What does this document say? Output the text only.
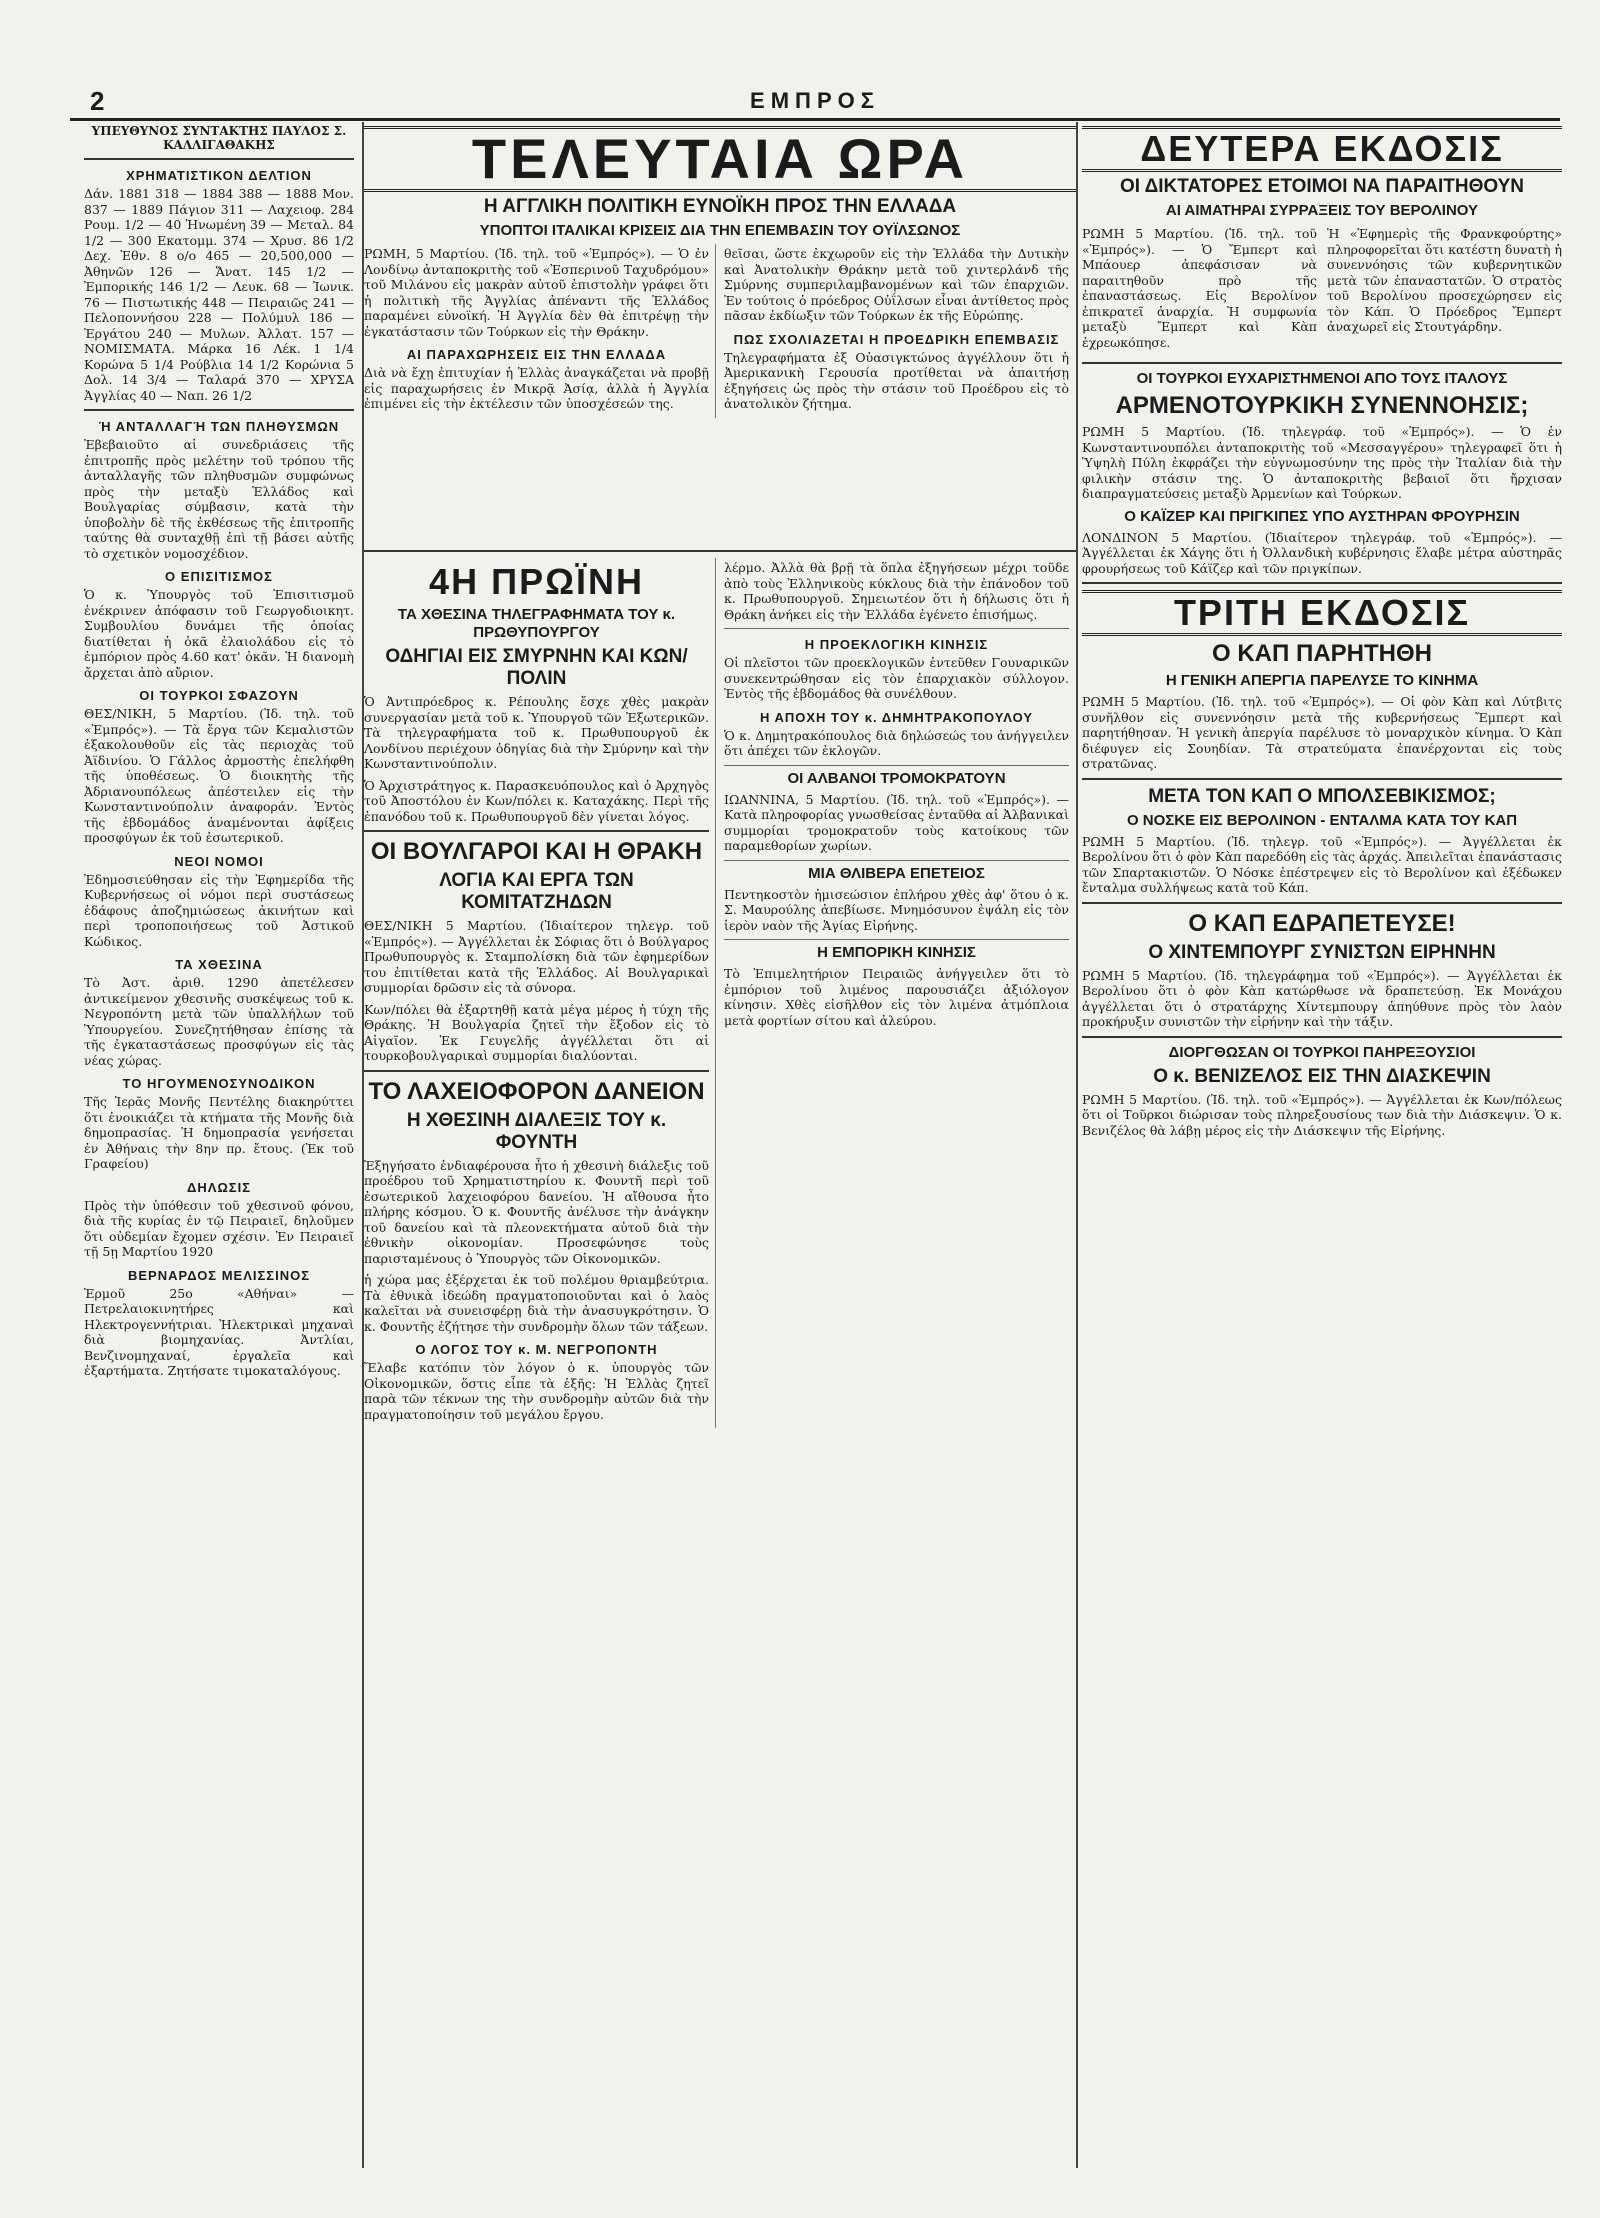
2	ΕΜΠΡΟΣ
ΥΠΕΥΘΥΝΟΣ ΣΥΝΤΑΚΤΗΣ ΠΑΥΛΟΣ Σ. ΚΑΛΛΙΓΑΘΑΚΗΣ
ΧΡΗΜΑΤΙΣΤΙΚΟΝ ΔΕΛΤΙΟΝ

Δάν. 1881 318 — 1884 388 — 1888 Μον. 837 — 1889 Πάγιον 311 — Λαχειοφ. 284 Ρουμ. 1/2 — 40 Ἠνωμένη 39 — Μεταλ. 84 1/2 — 300 Εκατομμ. 374 — Χρυσ. 86 1/2 Δεχ. Ἐθν. 8 ο/ο 465 — 20,500,000 — Ἀθηνῶν 126 — Ἄνατ. 145 1/2 — Ἐμπορικής 146 1/2 — Λευκ. 68 — Ἰωνικ. 76 — Πιστωτικής 448 — Πειραιῶς 241 — Πελοποννήσου 228 — Πολύμυλ 186 — Ἐργάτου 240 — Μυλων. Ἀλλατ. 157 — ΝΟΜΙΣΜΑΤΑ. Μάρκα 16 Λέκ. 1 1/4 Κορώνα 5 1/4 Ρούβλια 14 1/2 Κορώνια 5 Δολ. 14 3/4 — Ταλαρά 370 — ΧΡΥΣΑ Ἀγγλίας 40 — Ναπ. 26 1/2

Ή ΑΝΤΑΛΛΑΓΉ ΤΩΝ ΠΛΗΘΥΣΜΩΝ

Ἐβεβαιοῦτο αἱ συνεδριάσεις τῆς ἐπιτροπῆς πρὸς μελέτην τοῦ τρόπου τῆς ἀνταλλαγῆς τῶν πληθυσμῶν συμφώνως πρὸς τὴν μεταξὺ Ἑλλάδος καὶ Βουλγαρίας σύμβασιν, κατὰ τὴν ὑποβολὴν δὲ τῆς ἐκθέσεως τῆς ἐπιτροπῆς ταύτης θὰ συνταχθῇ ἐπὶ τῇ βάσει αὐτῆς τὸ σχετικὸν νομοσχέδιον.

Ο ΕΠΙΣΙΤΙΣΜΟΣ

Ὁ κ. Ὑπουργὸς τοῦ Ἐπισιτισμοῦ ἐνέκρινεν ἀπόφασιν τοῦ Γεωργοδιοικητ. Συμβουλίου δυνάμει τῆς ὁποίας διατίθεται ἡ ὀκᾶ ἐλαιολάδου εἰς τὸ ἐμπόριον πρὸς 4.60 κατ' ὀκᾶν. Ἡ διανομὴ ἄρχεται ἀπὸ αὔριον.

ΟΙ ΤΟΥΡΚΟΙ ΣΦΑΖΟΥΝ

ΘΕΣ/ΝΙΚΗ, 5 Μαρτίου. (Ἰδ. τηλ. τοῦ «Ἐμπρός»). — Τὰ ἔργα τῶν Κεμαλιστῶν ἐξακολουθοῦν εἰς τὰς περιοχὰς τοῦ Ἀϊδινίου. Ὁ Γάλλος ἀρμοστὴς ἐπελήφθη τῆς ὑποθέσεως. Ὁ διοικητὴς τῆς Ἀδριανουπόλεως ἀπέστειλεν εἰς τὴν Κωνσταντινούπολιν ἀναφοράν. Ἐντὸς τῆς ἑβδομάδος ἀναμένονται ἀφίξεις προσφύγων ἐκ τοῦ ἐσωτερικοῦ.

ΝΕΟΙ ΝΟΜΟΙ

Ἐδημοσιεύθησαν εἰς τὴν Ἐφημερίδα τῆς Κυβερνήσεως οἱ νόμοι περὶ συστάσεως ἐδάφους ἀποζημιώσεως ἀκινήτων καὶ περὶ τροποποιήσεως τοῦ Ἀστικοῦ Κώδικος.

ΤΑ ΧΘΕΣΙΝΑ

Τὸ Ἀστ. ἀριθ. 1290 ἀπετέλεσεν ἀντικείμενον χθεσινῆς συσκέψεως τοῦ κ. Νεγροπόντη μετὰ τῶν ὑπαλλήλων τοῦ Ὑπουργείου. Συνεζητήθησαν ἐπίσης τὰ τῆς ἐγκαταστάσεως προσφύγων εἰς τὰς νέας χώρας.

ΤΟ ΗΓΟΥΜΕΝΟΣΥΝΟΔΙΚΟΝ

Τῆς Ἱερᾶς Μονῆς Πεντέλης διακηρύττει ὅτι ἐνοικιάζει τὰ κτήματα τῆς Μονῆς διὰ δημοπρασίας. Ἡ δημοπρασία γενήσεται ἐν Ἀθήναις τὴν 8ην πρ. ἔτους. (Ἐκ τοῦ Γραφείου)

ΔΗΛΩΣΙΣ

Πρὸς τὴν ὑπόθεσιν τοῦ χθεσινοῦ φόνου, διὰ τῆς κυρίας ἐν τῷ Πειραιεῖ, δηλοῦμεν ὅτι οὐδεμίαν ἔχομεν σχέσιν. Ἐν Πειραιεῖ τῇ 5ῃ Μαρτίου 1920

ΒΕΡΝΑΡΔΟΣ ΜΕΛΙΣΣΙΝΟΣ

Ἑρμοῦ 25ο «Αθήναι» — Πετρελαιοκινητήρες καὶ Ηλεκτρογεννήτριαι. Ἠλεκτρικαὶ μηχαναὶ διὰ βιομηχανίας. Ἀντλίαι, Βενζινομηχαναί, ἐργαλεῖα καὶ ἐξαρτήματα. Ζητήσατε τιμοκαταλόγους.

ΤΕΛΕΥΤΑΙΑ ΩΡΑ
Η ΑΓΓΛΙΚΗ ΠΟΛΙΤΙΚΗ ΕΥΝΟΪΚΗ ΠΡΟΣ ΤΗΝ ΕΛΛΑΔΑ
ΥΠΟΠΤΟΙ ΙΤΑΛΙΚΑΙ ΚΡΙΣΕΙΣ ΔΙΑ ΤΗΝ ΕΠΕΜΒΑΣΙΝ ΤΟΥ ΟΥΪΛΣΩΝΟΣ

ΡΩΜΗ, 5 Μαρτίου. (Ἰδ. τηλ. τοῦ «Ἐμπρός»). — Ὁ ἐν Λονδίνῳ ἀνταποκριτὴς τοῦ «Ἐσπερινοῦ Ταχυδρόμου» τοῦ Μιλάνου εἰς μακρὰν αὐτοῦ ἐπιστολὴν γράφει ὅτι ἡ πολιτικὴ τῆς Ἀγγλίας ἀπέναντι τῆς Ἑλλάδος παραμένει εὐνοϊκή. Ἡ Ἀγγλία δὲν θὰ ἐπιτρέψῃ τὴν ἐγκατάστασιν τῶν Τούρκων εἰς τὴν Θράκην.

ΑΙ ΠΑΡΑΧΩΡΗΣΕΙΣ ΕΙΣ ΤΗΝ ΕΛΛΑΔΑ

Διὰ νὰ ἔχῃ ἐπιτυχίαν ἡ Ἑλλὰς ἀναγκάζεται νὰ προβῇ εἰς παραχωρήσεις ἐν Μικρᾷ Ἀσίᾳ, ἀλλὰ ἡ Ἀγγλία ἐπιμένει εἰς τὴν ἐκτέλεσιν τῶν ὑποσχέσεών της.

θεῖσαι, ὥστε ἐκχωροῦν εἰς τὴν Ἑλλάδα τὴν Δυτικὴν καὶ Ἀνατολικὴν Θράκην μετὰ τοῦ χιντερλάνδ τῆς Σμύρνης συμπεριλαμβανομένων καὶ τῶν ἐπαρχιῶν. Ἐν τούτοις ὁ πρόεδρος Οὐΐλσων εἶναι ἀντίθετος πρὸς πᾶσαν ἐκδίωξιν τῶν Τούρκων ἐκ τῆς Εὐρώπης.

ΠΩΣ ΣΧΟΛΙΑΖΕΤΑΙ Η ΠΡΟΕΔΡΙΚΗ ΕΠΕΜΒΑΣΙΣ

Τηλεγραφήματα ἐξ Οὐασιγκτώνος ἀγγέλλουν ὅτι ἡ Ἀμερικανικὴ Γερουσία προτίθεται νὰ ἀπαιτήσῃ ἐξηγήσεις ὡς πρὸς τὴν στάσιν τοῦ Προέδρου εἰς τὸ ἀνατολικὸν ζήτημα.

4Η ΠΡΩΪΝΗ
ΤΑ ΧΘΕΣΙΝΑ ΤΗΛΕΓΡΑΦΗΜΑΤΑ ΤΟΥ κ. ΠΡΩΘΥΠΟΥΡΓΟΥ
ΟΔΗΓΙΑΙ ΕΙΣ ΣΜΥΡΝΗΝ ΚΑΙ ΚΩΝ/ΠΟΛΙΝ

Ὁ Ἀντιπρόεδρος κ. Ρέπουλης ἔσχε χθὲς μακρὰν συνεργασίαν μετὰ τοῦ κ. Ὑπουργοῦ τῶν Ἐξωτερικῶν. Τὰ τηλεγραφήματα τοῦ κ. Πρωθυπουργοῦ ἐκ Λονδίνου περιέχουν ὁδηγίας διὰ τὴν Σμύρνην καὶ τὴν Κωνσταντινούπολιν.

Ὁ Ἀρχιστράτηγος κ. Παρασκευόπουλος καὶ ὁ Ἀρχηγὸς τοῦ Ἀποστόλου ἐν Κων/πόλει κ. Καταχάκης. Περὶ τῆς ἐπανόδου τοῦ κ. Πρωθυπουργοῦ δὲν γίνεται λόγος.

ΟΙ ΒΟΥΛΓΑΡΟΙ ΚΑΙ Η ΘΡΑΚΗ
ΛΟΓΙΑ ΚΑΙ ΕΡΓΑ ΤΩΝ ΚΟΜΙΤΑΤΖΗΔΩΝ

ΘΕΣ/ΝΙΚΗ 5 Μαρτίου. (Ἰδιαίτερον τηλεγρ. τοῦ «Ἐμπρός»). — Ἀγγέλλεται ἐκ Σόφιας ὅτι ὁ Βούλγαρος Πρωθυπουργὸς κ. Σταμπολίσκη διὰ τῶν ἐφημερίδων του ἐπιτίθεται κατὰ τῆς Ἑλλάδος. Αἱ Βουλγαρικαὶ συμμορίαι δρῶσιν εἰς τὰ σύνορα.

Κων/πόλει θὰ ἐξαρτηθῇ κατὰ μέγα μέρος ἡ τύχη τῆς Θράκης. Ἡ Βουλγαρία ζητεῖ τὴν ἔξοδον εἰς τὸ Αἰγαῖον. Ἐκ Γευγελῆς ἀγγέλλεται ὅτι αἱ τουρκοβουλγαρικαὶ συμμορίαι διαλύονται.

ΤΟ ΛΑΧΕΙΟΦΟΡΟΝ ΔΑΝΕΙΟΝ
Η ΧΘΕΣΙΝΗ ΔΙΑΛΕΞΙΣ ΤΟΥ κ. ΦΟΥΝΤΗ

Ἐξηγήσατο ἐνδιαφέρουσα ἦτο ἡ χθεσινὴ διάλεξις τοῦ προέδρου τοῦ Χρηματιστηρίου κ. Φουντῆ περὶ τοῦ ἐσωτερικοῦ λαχειοφόρου δανείου. Ἡ αἴθουσα ἦτο πλήρης κόσμου. Ὁ κ. Φουντῆς ἀνέλυσε τὴν ἀνάγκην τοῦ δανείου καὶ τὰ πλεονεκτήματα αὐτοῦ διὰ τὴν ἐθνικὴν οἰκονομίαν. Προσεφώνησε τοὺς παρισταμένους ὁ Ὑπουργὸς τῶν Οἰκονομικῶν.

ἡ χώρα μας ἐξέρχεται ἐκ τοῦ πολέμου θριαμβεύτρια. Τὰ ἐθνικὰ ἰδεώδη πραγματοποιοῦνται καὶ ὁ λαὸς καλεῖται νὰ συνεισφέρῃ διὰ τὴν ἀνασυγκρότησιν. Ὁ κ. Φουντῆς ἐζήτησε τὴν συνδρομὴν ὅλων τῶν τάξεων.

Ο ΛΟΓΟΣ ΤΟΥ κ. Μ. ΝΕΓΡΟΠΟΝΤΗ

Ἔλαβε κατόπιν τὸν λόγον ὁ κ. ὑπουργὸς τῶν Οἰκονομικῶν, ὅστις εἶπε τὰ ἑξῆς: Ἡ Ἑλλὰς ζητεῖ παρὰ τῶν τέκνων της τὴν συνδρομὴν αὐτῶν διὰ τὴν πραγματοποίησιν τοῦ μεγάλου ἔργου.

λέρμο. Ἀλλὰ θὰ βρῇ τὰ ὅπλα ἐξηγήσεων μέχρι τοῦδε ἀπὸ τοὺς Ἑλληνικοὺς κύκλους διὰ τὴν ἐπάνοδον τοῦ κ. Πρωθυπουργοῦ. Σημειωτέον ὅτι ἡ δήλωσις ὅτι ἡ Θράκη ἀνήκει εἰς τὴν Ἑλλάδα ἐγένετο ἐπισήμως.

Η ΠΡΟΕΚΛΟΓΙΚΗ ΚΙΝΗΣΙΣ

Οἱ πλεῖστοι τῶν προεκλογικῶν ἐντεῦθεν Γουναρικῶν συνεκεντρώθησαν εἰς τὸν ἐπαρχιακὸν σύλλογον. Ἐντὸς τῆς ἑβδομάδος θὰ συνέλθουν.

Η ΑΠΟΧΗ ΤΟΥ κ. ΔΗΜΗΤΡΑΚΟΠΟΥΛΟΥ

Ὁ κ. Δημητρακόπουλος διὰ δηλώσεώς του ἀνήγγειλεν ὅτι ἀπέχει τῶν ἐκλογῶν.

ΟΙ ΑΛΒΑΝΟΙ ΤΡΟΜΟΚΡΑΤΟΥΝ

ΙΩΑΝΝΙΝΑ, 5 Μαρτίου. (Ἰδ. τηλ. τοῦ «Ἐμπρός»). — Κατὰ πληροφορίας γνωσθείσας ἐνταῦθα αἱ Ἀλβανικαὶ συμμορίαι τρομοκρατοῦν τοὺς κατοίκους τῶν παραμεθορίων χωρίων.

ΜΙΑ ΘΛΙΒΕΡΑ ΕΠΕΤΕΙΟΣ

Πεντηκοστὸν ἡμισεώσιον ἐπλήρου χθὲς ἀφ' ὅτου ὁ κ. Σ. Μαυρούλης ἀπεβίωσε. Μνημόσυνον ἐψάλη εἰς τὸν ἱερὸν ναὸν τῆς Ἁγίας Εἰρήνης.

Η ΕΜΠΟΡΙΚΗ ΚΙΝΗΣΙΣ

Τὸ Ἐπιμελητήριον Πειραιῶς ἀνήγγειλεν ὅτι τὸ ἐμπόριον τοῦ λιμένος παρουσιάζει ἀξιόλογον κίνησιν. Χθὲς εἰσῆλθον εἰς τὸν λιμένα ἀτμόπλοια μετὰ φορτίων σίτου καὶ ἀλεύρου.

ΔΕΥΤΕΡΑ ΕΚΔΟΣΙΣ
ΟΙ ΔΙΚΤΑΤΟΡΕΣ ΕΤΟΙΜΟΙ ΝΑ ΠΑΡΑΙΤΗΘΟΥΝ
ΑΙ ΑΙΜΑΤΗΡΑΙ ΣΥΡΡΑΞΕΙΣ ΤΟΥ ΒΕΡΟΛΙΝΟΥ

ΡΩΜΗ 5 Μαρτίου. (Ἰδ. τηλ. τοῦ «Ἐμπρός»). — Ὁ Ἔμπερτ καὶ Μπάουερ ἀπεφάσισαν νὰ παραιτηθοῦν πρὸ τῆς ἐπαναστάσεως. Εἰς Βερολίνον ἐπικρατεῖ ἀναρχία. Ἡ συμφωνία μεταξὺ Ἔμπερτ καὶ Κὰπ ἐχρεωκόπησε.

Ἡ «Ἐφημερὶς τῆς Φρανκφούρτης» πληροφορεῖται ὅτι κατέστη δυνατὴ ἡ συνεννόησις τῶν κυβερνητικῶν μετὰ τῶν ἐπαναστατῶν. Ὁ στρατὸς τοῦ Βερολίνου προσεχώρησεν εἰς τὸν Κάπ. Ὁ Πρόεδρος Ἔμπερτ ἀναχωρεῖ εἰς Στουτγάρδην.

ΟΙ ΤΟΥΡΚΟΙ ΕΥΧΑΡΙΣΤΗΜΕΝΟΙ ΑΠΟ ΤΟΥΣ ΙΤΑΛΟΥΣ
ΑΡΜΕΝΟΤΟΥΡΚΙΚΗ ΣΥΝΕΝΝΟΗΣΙΣ;

ΡΩΜΗ 5 Μαρτίου. (Ἰδ. τηλεγράφ. τοῦ «Ἐμπρός»). — Ὁ ἐν Κωνσταντινουπόλει ἀνταποκριτὴς τοῦ «Μεσσαγγέρου» τηλεγραφεῖ ὅτι ἡ Ὑψηλὴ Πύλη ἐκφράζει τὴν εὐγνωμοσύνην της πρὸς τὴν Ἰταλίαν διὰ τὴν φιλικὴν στάσιν της. Ὁ ἀνταποκριτὴς βεβαιοῖ ὅτι ἤρχισαν διαπραγματεύσεις μεταξὺ Ἀρμενίων καὶ Τούρκων.

Ο ΚΑΪΖΕΡ ΚΑΙ ΠΡΙΓΚΙΠΕΣ ΥΠΟ ΑΥΣΤΗΡΑΝ ΦΡΟΥΡΗΣΙΝ

ΛΟΝΔΙΝΟΝ 5 Μαρτίου. (Ἰδιαίτερον τηλεγράφ. τοῦ «Ἐμπρός»). — Ἀγγέλλεται ἐκ Χάγης ὅτι ἡ Ὀλλανδικὴ κυβέρνησις ἔλαβε μέτρα αὐστηρᾶς φρουρήσεως τοῦ Κάϊζερ καὶ τῶν πριγκίπων.

ΤΡΙΤΗ ΕΚΔΟΣΙΣ
Ο ΚΑΠ ΠΑΡΗΤΗΘΗ
Η ΓΕΝΙΚΗ ΑΠΕΡΓΙΑ ΠΑΡΕΛΥΣΕ ΤΟ ΚΙΝΗΜΑ

ΡΩΜΗ 5 Μαρτίου. (Ἰδ. τηλ. τοῦ «Ἐμπρός»). — Οἱ φὸν Κὰπ καὶ Λύτβιτς συνῆλθον εἰς συνεννόησιν μετὰ τῆς κυβερνήσεως Ἔμπερτ καὶ παρητήθησαν. Ἡ γενικὴ ἀπεργία παρέλυσε τὸ μοναρχικὸν κίνημα. Ὁ Κὰπ διέφυγεν εἰς Σουηδίαν. Τὰ στρατεύματα ἐπανέρχονται εἰς τοὺς στρατῶνας.

ΜΕΤΑ ΤΟΝ ΚΑΠ Ο ΜΠΟΛΣΕΒΙΚΙΣΜΟΣ;
Ο ΝΟΣΚΕ ΕΙΣ ΒΕΡΟΛΙΝΟΝ - ΕΝΤΑΛΜΑ ΚΑΤΑ ΤΟΥ ΚΑΠ

ΡΩΜΗ 5 Μαρτίου. (Ἰδ. τηλεγρ. τοῦ «Ἐμπρός»). — Ἀγγέλλεται ἐκ Βερολίνου ὅτι ὁ φὸν Κὰπ παρεδόθη εἰς τὰς ἀρχάς. Ἀπειλεῖται ἐπανάστασις τῶν Σπαρτακιστῶν. Ὁ Νόσκε ἐπέστρεψεν εἰς τὸ Βερολίνον καὶ ἐξέδωκεν ἔνταλμα συλλήψεως κατὰ τοῦ Κάπ.

Ο ΚΑΠ ΕΔΡΑΠΕΤΕΥΣΕ!
Ο ΧΙΝΤΕΜΠΟΥΡΓ ΣΥΝΙΣΤΩΝ ΕΙΡΗΝΗΝ

ΡΩΜΗ 5 Μαρτίου. (Ἰδ. τηλεγράφημα τοῦ «Ἐμπρός»). — Ἀγγέλλεται ἐκ Βερολίνου ὅτι ὁ φὸν Κὰπ κατώρθωσε νὰ δραπετεύσῃ. Ἐκ Μονάχου ἀγγέλλεται ὅτι ὁ στρατάρχης Χίντεμπουργ ἀπηύθυνε πρὸς τὸν λαὸν προκήρυξιν συνιστῶν τὴν εἰρήνην καὶ τὴν τάξιν.

ΔΙΟΡΓΘΩΣΑΝ ΟΙ ΤΟΥΡΚΟΙ ΠΑΗΡΕΞΟΥΣΙΟΙ
Ο κ. ΒΕΝΙΖΕΛΟΣ ΕΙΣ ΤΗΝ ΔΙΑΣΚΕΨΙΝ

ΡΩΜΗ 5 Μαρτίου. (Ἰδ. τηλ. τοῦ «Ἐμπρός»). — Ἀγγέλλεται ἐκ Κων/πόλεως ὅτι οἱ Τοῦρκοι διώρισαν τοὺς πληρεξουσίους των διὰ τὴν Διάσκεψιν. Ὁ κ. Βενιζέλος θὰ λάβῃ μέρος εἰς τὴν Διάσκεψιν τῆς Εἰρήνης.
